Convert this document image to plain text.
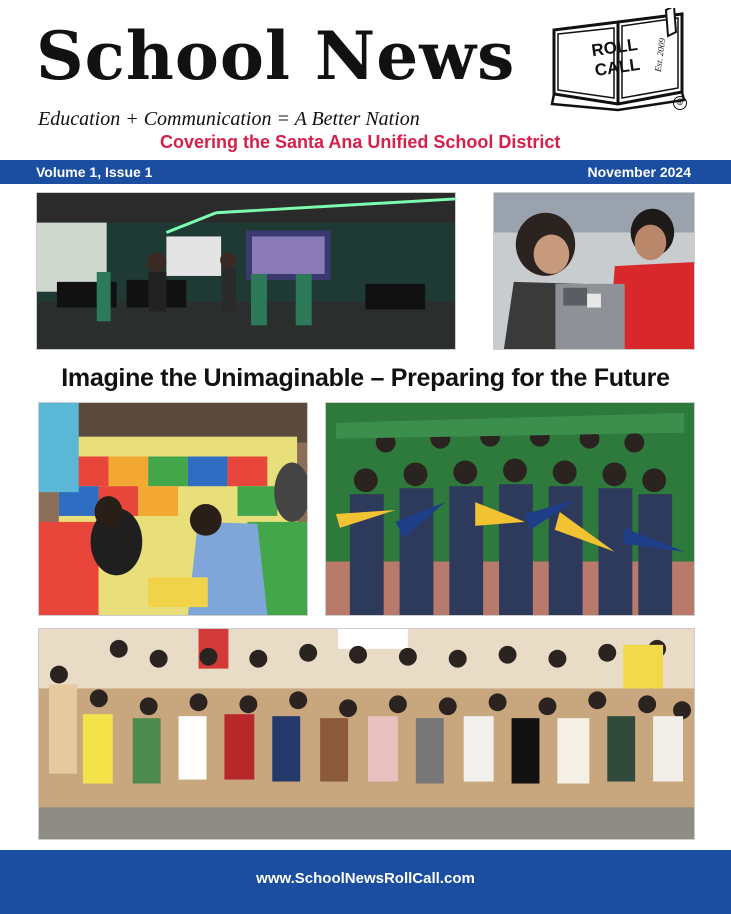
School News
Education + Communication = A Better Nation
Covering the Santa Ana Unified School District
ROLL CALL	Est. 2009
®
Volume 1, Issue 1	November 2024
Imagine the Unimaginable – Preparing for the Future
www.SchoolNewsRollCall.com
